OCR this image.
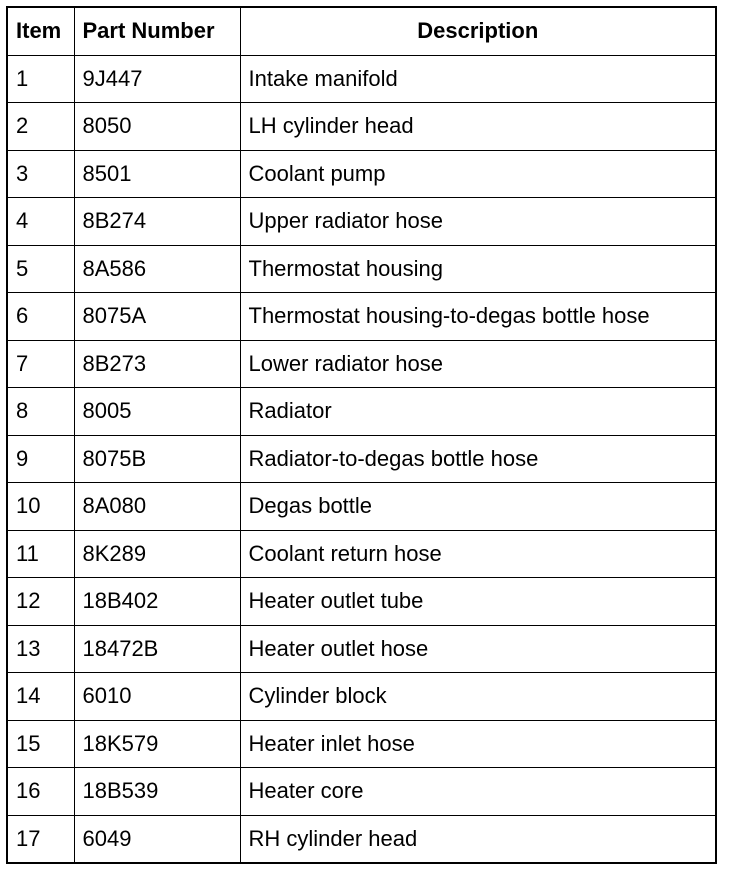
Item	Part Number	Description
1	9J447	Intake manifold
2	8050	LH cylinder head
3	8501	Coolant pump
4	8B274	Upper radiator hose
5	8A586	Thermostat housing
6	8075A	Thermostat housing-to-degas bottle hose
7	8B273	Lower radiator hose
8	8005	Radiator
9	8075B	Radiator-to-degas bottle hose
10	8A080	Degas bottle
11	8K289	Coolant return hose
12	18B402	Heater outlet tube
13	18472B	Heater outlet hose
14	6010	Cylinder block
15	18K579	Heater inlet hose
16	18B539	Heater core
17	6049	RH cylinder head
